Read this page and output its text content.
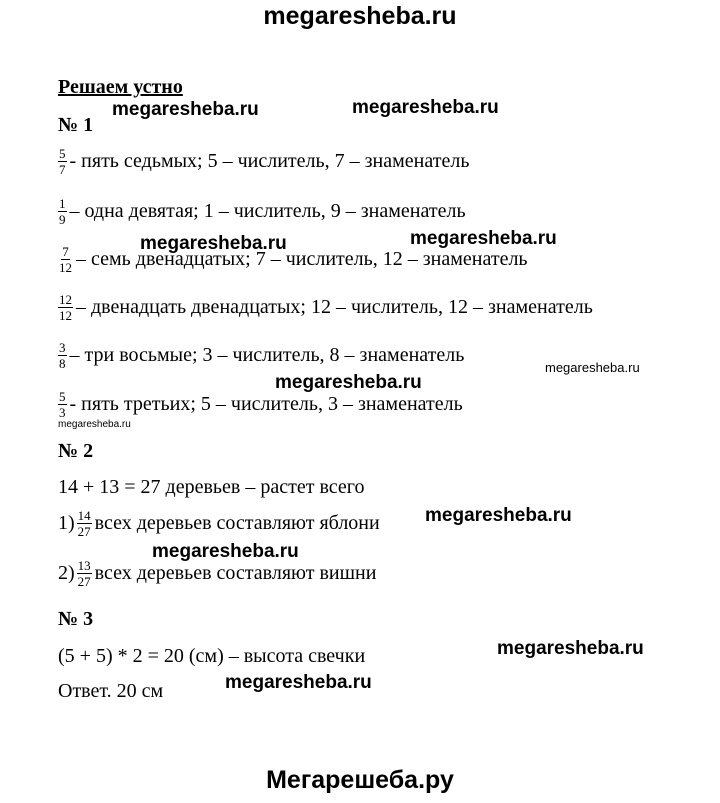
megaresheba.ru
Решаем устно
№ 1
$\frac{5}{7}$ - пять седьмых; 5 – числитель, 7 – знаменатель
$\frac{1}{9}$ – одна девятая; 1 – числитель, 9 – знаменатель
$\frac{7}{12}$ – семь двенадцатых; 7 – числитель, 12 – знаменатель
$\frac{12}{12}$ – двенадцать двенадцатых; 12 – числитель, 12 – знаменатель
$\frac{3}{8}$ – три восьмые; 3 – числитель, 8 – знаменатель
$\frac{5}{3}$ - пять третьих; 5 – числитель, 3 – знаменатель
№ 2
14 + 13 = 27 деревьев – растет всего
$1) \frac{14}{27}$ всех деревьев составляют яблони
$2) \frac{13}{27}$ всех деревьев составляют вишни
№ 3
(5 + 5) * 2 = 20 (см) – высота свечки
Ответ. 20 см
megaresheba.ru	megaresheba.ru
megaresheba.ru	megaresheba.ru
megaresheba.ru
megaresheba.ru
megaresheba.ru
megaresheba.ru
megaresheba.ru
megaresheba.ru
megaresheba.ru
Мегарешеба.ру
